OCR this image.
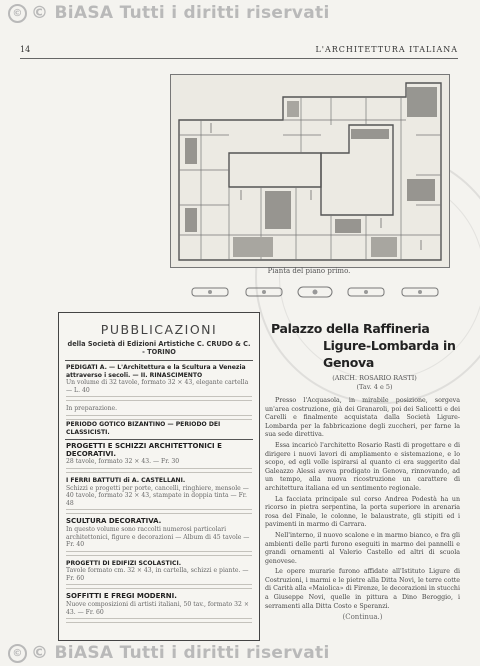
© © BiASA Tutti i diritti riservati
14	L'ARCHITETTURA ITALIANA
Pianta del piano primo.
PUBBLICAZIONI
della Società di Edizioni Artistiche C. CRUDO & C. - TORINO
PEDIGATI A. — L'Architettura e la Scultura a Venezia attraverso i secoli. — II. RINASCIMENTO
Un volume di 32 tavole, formato 32 × 43, elegante cartella — L. 40
In preparazione.
PERIODO GOTICO BIZANTINO — PERIODO DEI CLASSICISTI.
PROGETTI E SCHIZZI ARCHITETTONICI E DECORATIVI.
28 tavole, formato 32 × 43. — Fr. 30
I FERRI BATTUTI di A. CASTELLANI.
Schizzi e progetti per porte, cancelli, ringhiere, mensole — 40 tavole, formato 32 × 43, stampate in doppia tinta — Fr. 48
SCULTURA DECORATIVA.
In questo volume sono raccolti numerosi particolari architettonici, figure e decorazioni — Album di 45 tavole — Fr. 40
PROGETTI DI EDIFIZI SCOLASTICI.
Tavole formato cm. 32 × 43, in cartella, schizzi e piante. — Fr. 60
SOFFITTI E FREGI MODERNI.
Nuove composizioni di artisti italiani, 50 tav., formato 32 × 43. — Fr. 60
Palazzo della Raffineria
Ligure-Lombarda in Genova
(ARCH. ROSARIO RASTI)
(Tav. 4 e 5)

Presso l'Acquasola, in mirabile posizione, sorgeva un'area costruzione, già dei Granaroli, poi dei Salicetti e dei Carelli e finalmente acquistata dalla Società Ligure-Lombarda per la fabbricazione degli zuccheri, per farne la sua sede direttiva.

Essa incaricò l'architetto Rosario Rasti di progettare e di dirigere i nuovi lavori di ampliamento e sistemazione, e lo scopo, ed egli volle ispirarsi al quanto ci era suggerito dal Galeazzo Alessi aveva prodigato in Genova, rinnovando, ad un tempo, alla nuova ricostruzione un carattere di architettura italiana ed un sentimento regionale.

La facciata principale sul corso Andrea Podestà ha un ricorso in pietra serpentina, la porta superiore in arenaria rosa del Finale, le colonne, le balaustrate, gli stipiti ed i pavimenti in marmo di Carrara.

Nell'interno, il nuovo scalone e in marmo bianco, e fra gli ambienti delle parti furono eseguiti in marmo dei pannelli e grandi ornamenti al Valerio Castello ed altri di scuola genovese.

Le opere murarie furono affidate all'Istituto Ligure di Costruzioni, i marmi e le pietre alla Ditta Novi, le terre cotte di Carità alla «Maiolica» di Firenze, le decorazioni in stucchi a Giuseppe Novi, quelle in pittura a Dino Beroggio, i serramenti alla Ditta Costo e Speranzi.

(Continua.)
© © BiASA Tutti i diritti riservati
